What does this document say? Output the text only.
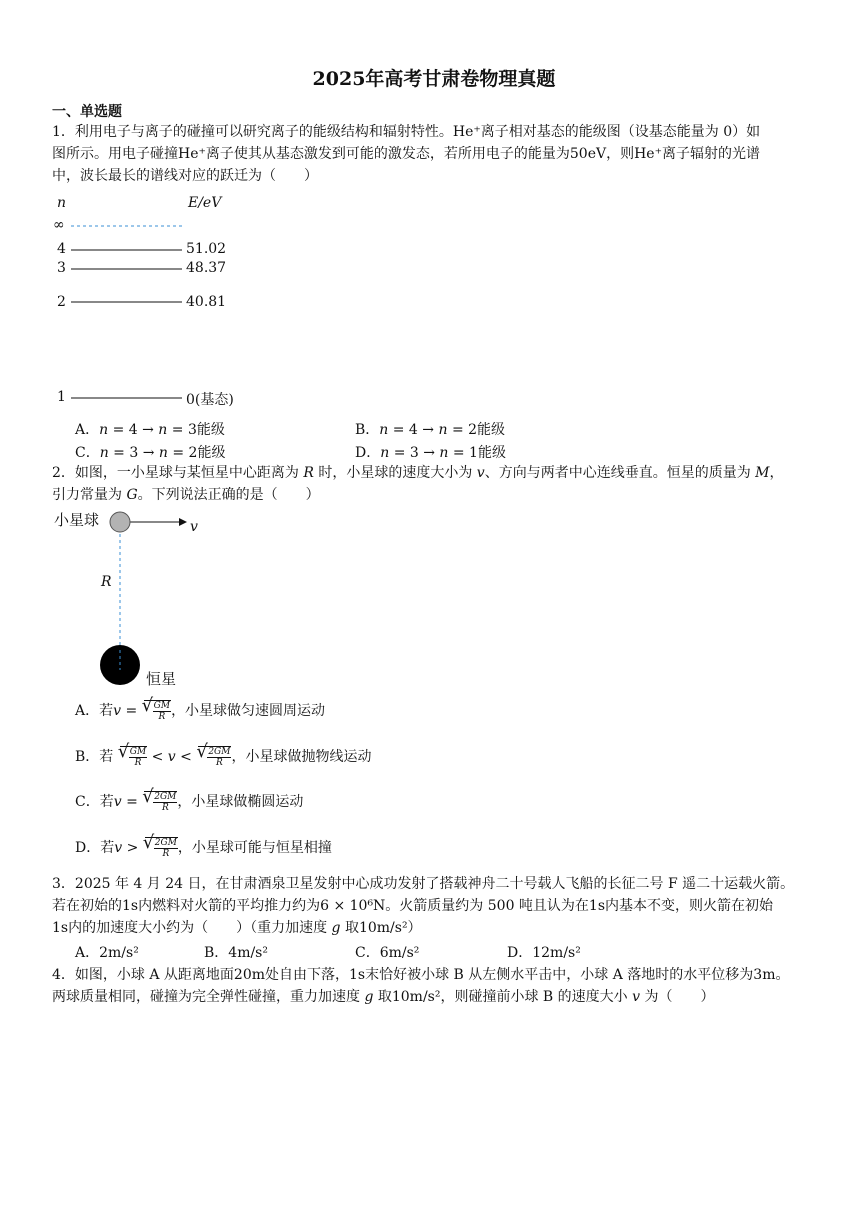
2025年高考甘肃卷物理真题
一、单选题
1．利用电子与离子的碰撞可以研究离子的能级结构和辐射特性。He⁺离子相对基态的能级图（设基态能量为 0）如
图所示。用电子碰撞He⁺离子使其从基态激发到可能的激发态，若所用电子的能量为50eV，则He⁺离子辐射的光谱
中，波长最长的谱线对应的跃迁为（　　）
n	E/eV
∞
4	51.02
3	48.37
2	40.81
1	0(基态)
A．𝑛 = 4 → 𝑛 = 3能级	B．𝑛 = 4 → 𝑛 = 2能级
C．𝑛 = 3 → 𝑛 = 2能级	D．𝑛 = 3 → 𝑛 = 1能级
2．如图，一小星球与某恒星中心距离为 𝑅 时，小星球的速度大小为 𝑣、方向与两者中心连线垂直。恒星的质量为 𝑀，
引力常量为 𝐺。下列说法正确的是（　　）
小星球	v
R
恒星
A．若𝑣 = √ $\frac{GM}{R}$ ，小星球做匀速圆周运动
B．若 √ $\frac{GM}{R}$ < 𝑣 < √ $\frac{2GM}{R}$ ，小星球做抛物线运动
C．若𝑣 = √ $\frac{2GM}{R}$ ，小星球做椭圆运动
D．若𝑣 > √ $\frac{2GM}{R}$ ，小星球可能与恒星相撞
3．2025 年 4 月 24 日，在甘肃酒泉卫星发射中心成功发射了搭载神舟二十号载人飞船的长征二号 F 遥二十运载火箭。
若在初始的1s内燃料对火箭的平均推力约为6 × 10⁶N。火箭质量约为 500 吨且认为在1s内基本不变，则火箭在初始
1s内的加速度大小约为（　　）（重力加速度 𝑔 取10m/s²）
A．2m/s²	B．4m/s²	C．6m/s²	D．12m/s²
4．如图，小球 A 从距离地面20m处自由下落，1s末恰好被小球 B 从左侧水平击中，小球 A 落地时的水平位移为3m。
两球质量相同，碰撞为完全弹性碰撞，重力加速度 𝑔 取10m/s²，则碰撞前小球 B 的速度大小 𝑣 为（　　）
